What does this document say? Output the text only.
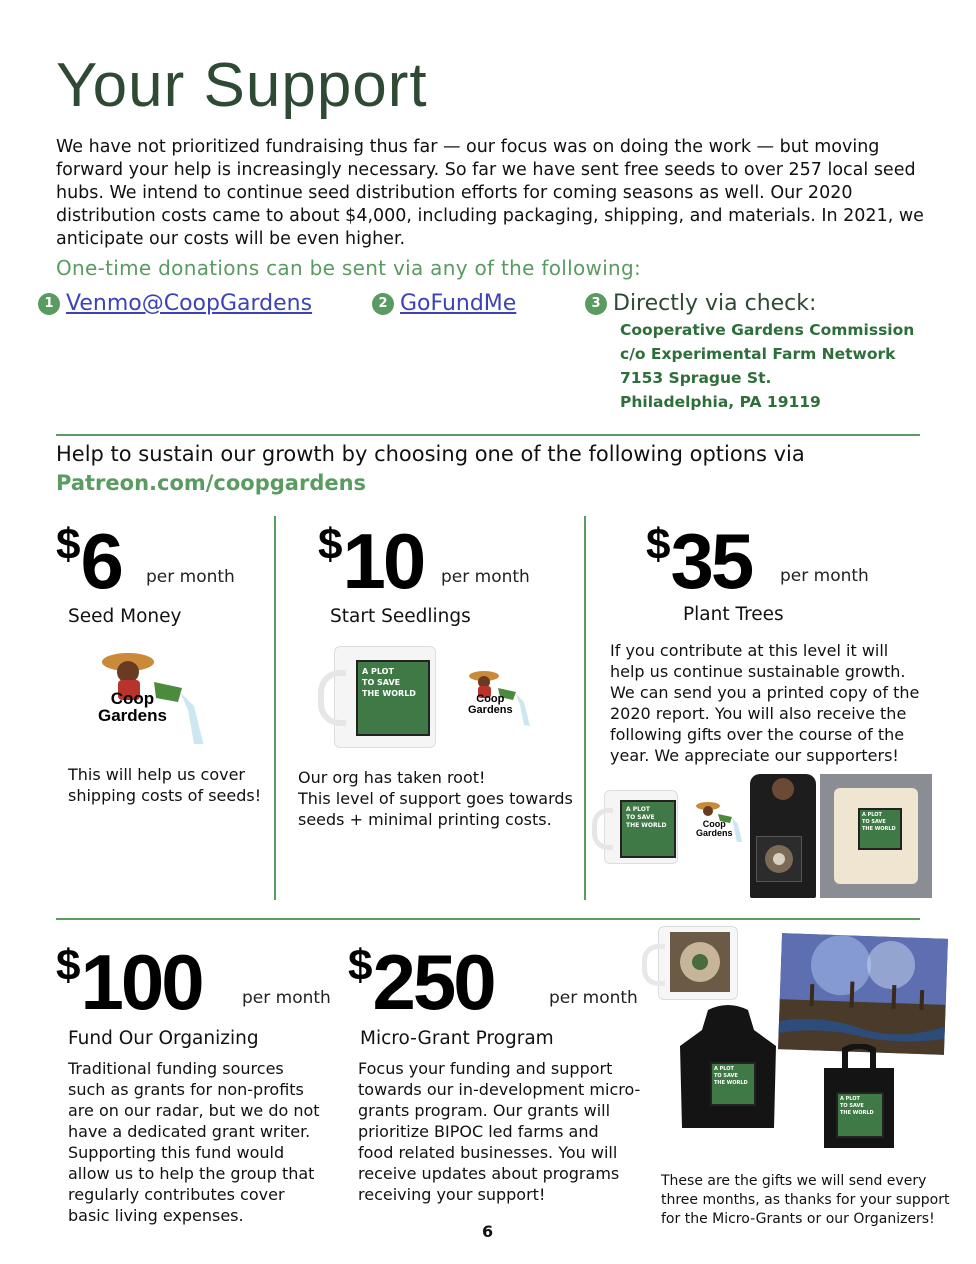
Your Support
We have not prioritized fundraising thus far — our focus was on doing the work — but moving forward your help is increasingly necessary. So far we have sent free seeds to over 257 local seed hubs. We intend to continue seed distribution efforts for coming seasons as well. Our 2020 distribution costs came to about $4,000, including packaging, shipping, and materials. In 2021, we anticipate our costs will be even higher.
One-time donations can be sent via any of the following:
1 Venmo@CoopGardens	2 GoFundMe	3 Directly via check:
Cooperative Gardens Commission
c/o Experimental Farm Network
7153 Sprague St.
Philadelphia, PA 19119
Help to sustain our growth by choosing one of the following options via
Patreon.com/coopgardens
$6 per month
Seed Money
Coop
Gardens
This will help us cover
shipping costs of seeds!
$10 per month
Start Seedlings
A PLOT
TO SAVE
THE WORLD	Coop
Gardens
Our org has taken root!
This level of support goes towards
seeds + minimal printing costs.
$35 per month
Plant Trees
If you contribute at this level it will
help us continue sustainable growth.
We can send you a printed copy of the
2020 report. You will also receive the
following gifts over the course of the
year. We appreciate our supporters!
A PLOT
TO SAVE
THE WORLD	Coop
Gardens
A PLOT
TO SAVE
THE WORLD
$100 per month
Fund Our Organizing
Traditional funding sources
such as grants for non-profits
are on our radar, but we do not
have a dedicated grant writer.
Supporting this fund would
allow us to help the group that
regularly contributes cover
basic living expenses.
$250	per month
Micro-Grant Program
Focus your funding and support
towards our in-development micro-
grants program. Our grants will
prioritize BIPOC led farms and
food related businesses. You will
receive updates about programs
receiving your support!
A PLOT
TO SAVE
THE WORLD
A PLOT
TO SAVE
THE WORLD
These are the gifts we will send every
three months, as thanks for your support
for the Micro-Grants or our Organizers!
6
